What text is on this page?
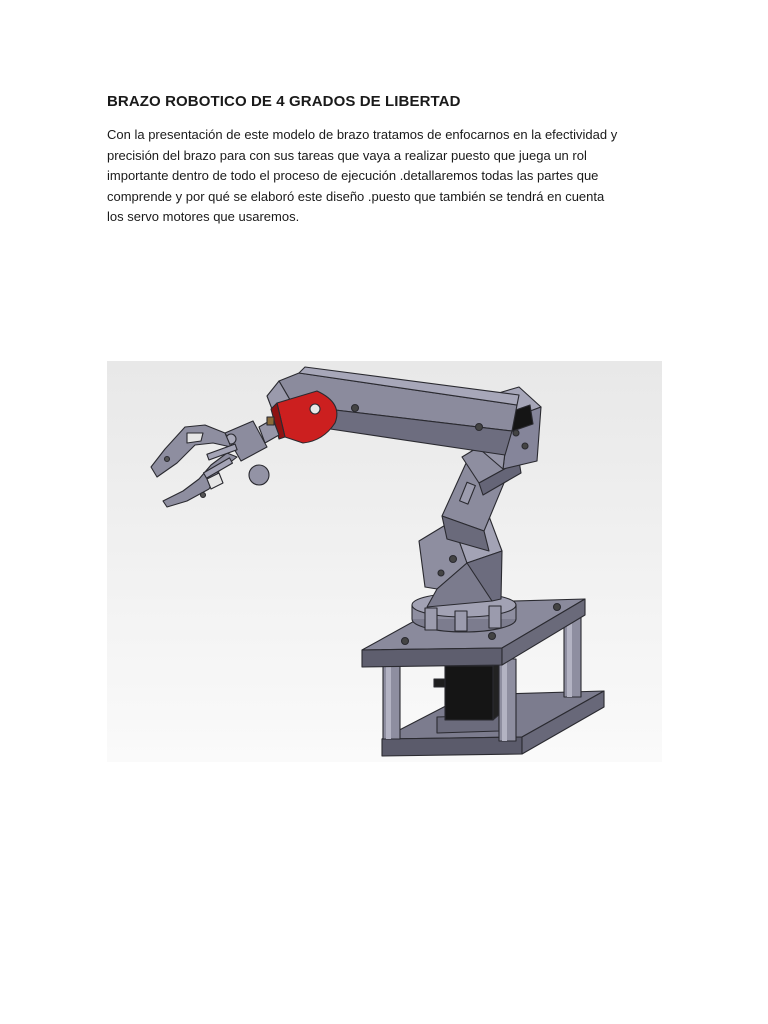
BRAZO ROBOTICO DE 4 GRADOS DE LIBERTAD

Con la presentación de este modelo de brazo tratamos de enfocarnos en la efectividad y
precisión del brazo para con sus tareas que vaya a realizar puesto que juega un rol
importante dentro de todo el proceso de ejecución .detallaremos todas las partes que
comprende y por qué se elaboró este diseño .puesto que también se tendrá en cuenta
los servo motores que usaremos.
